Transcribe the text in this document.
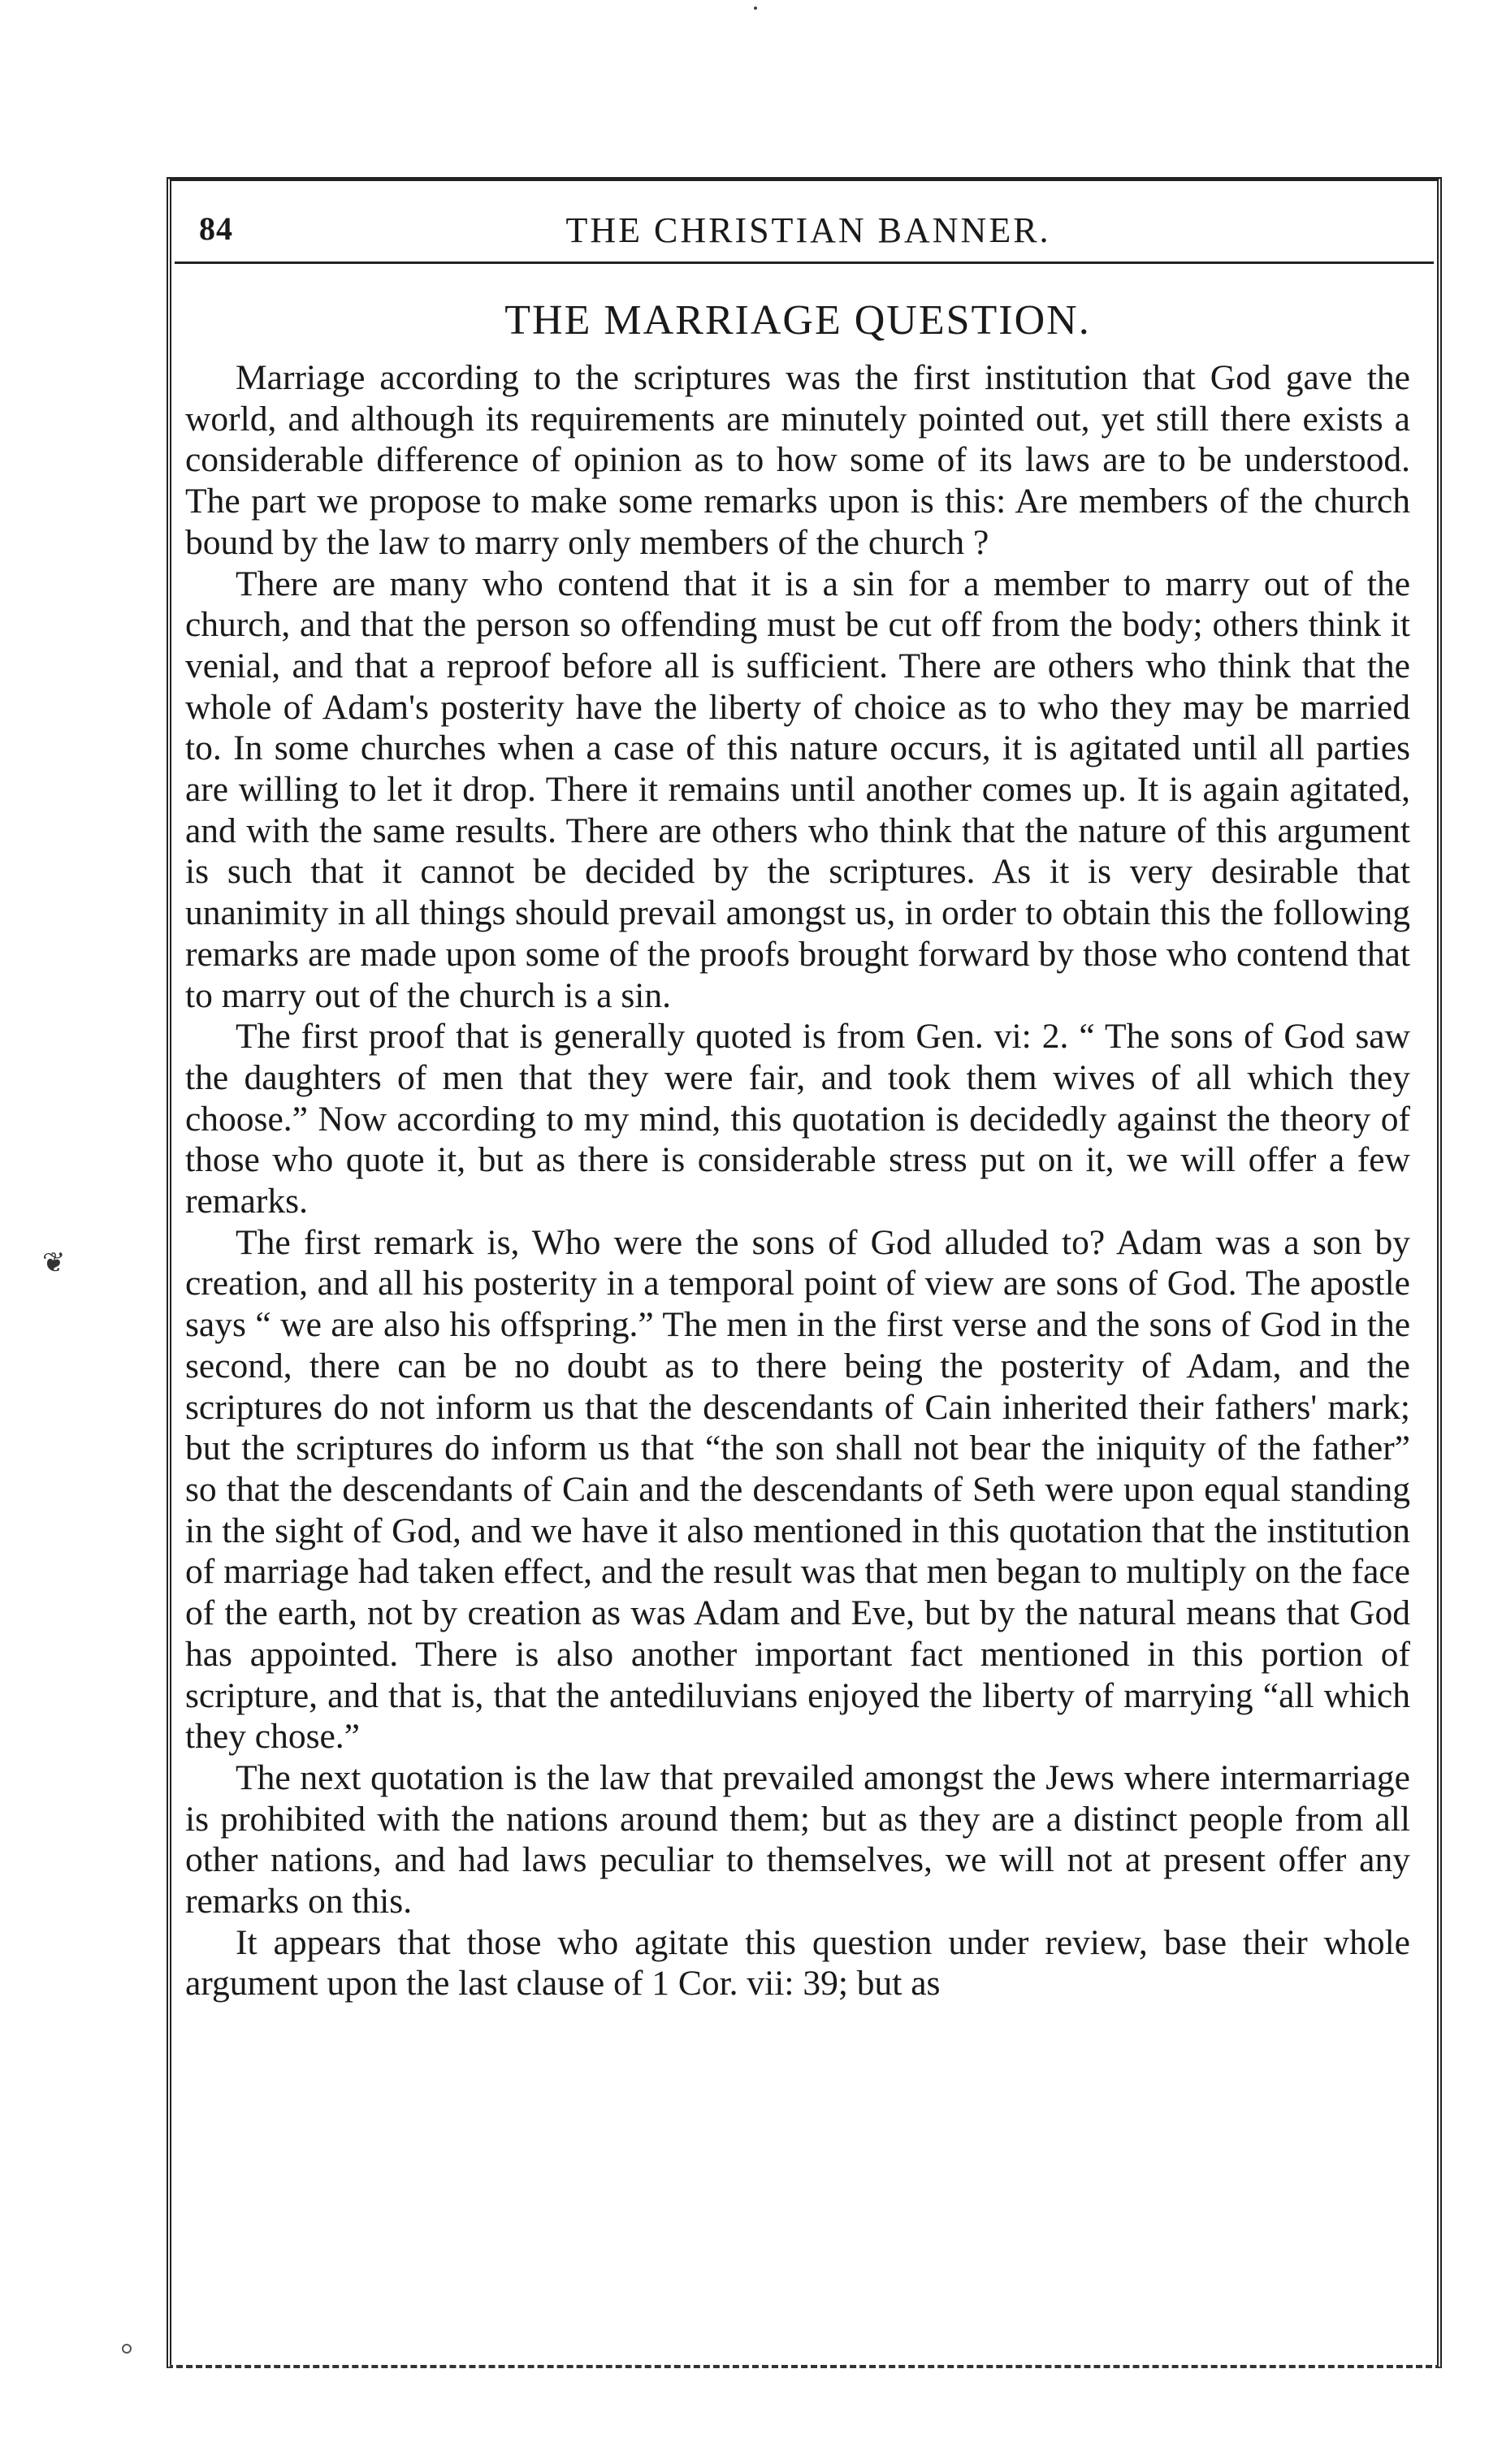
84	THE CHRISTIAN BANNER.
THE MARRIAGE QUESTION.

Marriage according to the scriptures was the first institution that God gave the world, and although its requirements are minutely pointed out, yet still there exists a considerable difference of opinion as to how some of its laws are to be understood. The part we propose to make some remarks upon is this: Are members of the church bound by the law to marry only members of the church ?

There are many who contend that it is a sin for a member to marry out of the church, and that the person so offending must be cut off from the body; others think it venial, and that a reproof before all is sufficient. There are others who think that the whole of Adam's posterity have the liberty of choice as to who they may be married to. In some churches when a case of this nature occurs, it is agitated until all parties are willing to let it drop. There it remains until another comes up. It is again agitated, and with the same results. There are others who think that the nature of this argument is such that it cannot be decided by the scriptures. As it is very desirable that unanimity in all things should prevail amongst us, in order to obtain this the following remarks are made upon some of the proofs brought forward by those who contend that to marry out of the church is a sin.

The first proof that is generally quoted is from Gen. vi: 2. “ The sons of God saw the daughters of men that they were fair, and took them wives of all which they choose.” Now according to my mind, this quotation is decidedly against the theory of those who quote it, but as there is considerable stress put on it, we will offer a few remarks.

The first remark is, Who were the sons of God alluded to? Adam was a son by creation, and all his posterity in a temporal point of view are sons of God. The apostle says “ we are also his offspring.” The men in the first verse and the sons of God in the second, there can be no doubt as to there being the posterity of Adam, and the scriptures do not inform us that the descendants of Cain inherited their fathers' mark; but the scriptures do inform us that “the son shall not bear the iniquity of the father” so that the descendants of Cain and the descendants of Seth were upon equal standing in the sight of God, and we have it also mentioned in this quotation that the institution of marriage had taken effect, and the result was that men began to multiply on the face of the earth, not by creation as was Adam and Eve, but by the natural means that God has appointed. There is also another important fact mentioned in this portion of scripture, and that is, that the antediluvians enjoyed the liberty of marrying “all which they chose.”

The next quotation is the law that prevailed amongst the Jews where intermarriage is prohibited with the nations around them; but as they are a distinct people from all other nations, and had laws peculiar to themselves, we will not at present offer any remarks on this.

It appears that those who agitate this question under review, base their whole argument upon the last clause of 1 Cor. vii: 39; but as

❦
